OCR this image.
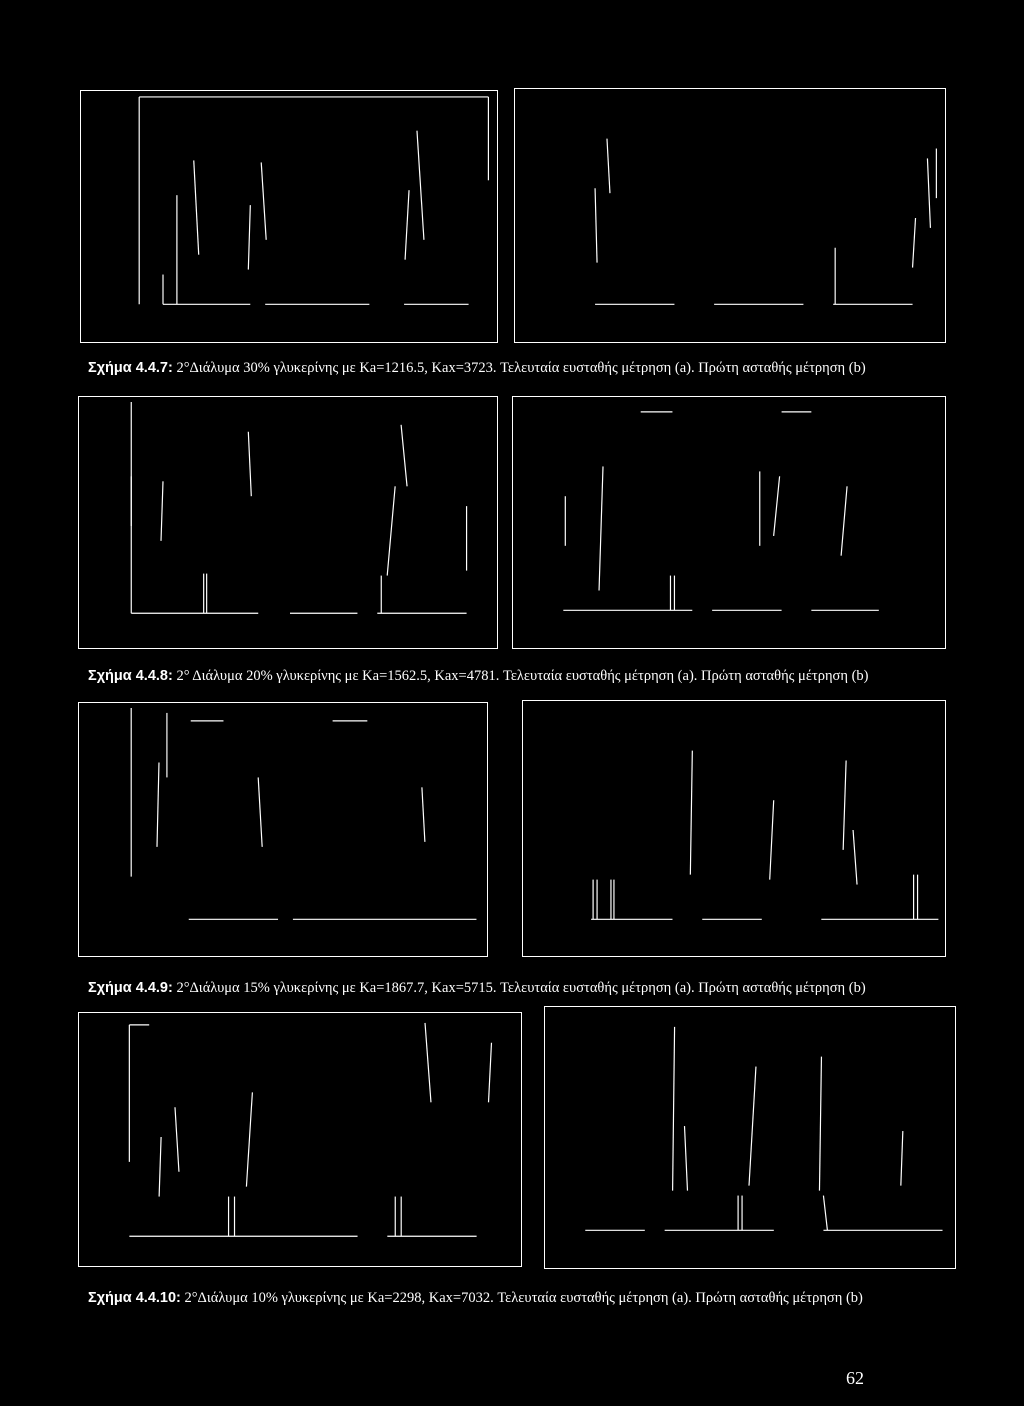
Σχήμα 4.4.7: 2°Διάλυμα 30% γλυκερίνης με Ka=1216.5, Kax=3723. Τελευταία ευσταθής μέτρηση (a). Πρώτη ασταθής μέτρηση (b)
Σχήμα 4.4.8: 2° Διάλυμα 20% γλυκερίνης με Ka=1562.5, Kax=4781. Τελευταία ευσταθής μέτρηση (a). Πρώτη ασταθής μέτρηση (b)
Σχήμα 4.4.9: 2°Διάλυμα 15% γλυκερίνης με Ka=1867.7, Kax=5715. Τελευταία ευσταθής μέτρηση (a). Πρώτη ασταθής μέτρηση (b)
Σχήμα 4.4.10: 2°Διάλυμα 10% γλυκερίνης με Ka=2298, Kax=7032. Τελευταία ευσταθής μέτρηση (a). Πρώτη ασταθής μέτρηση (b)
62
